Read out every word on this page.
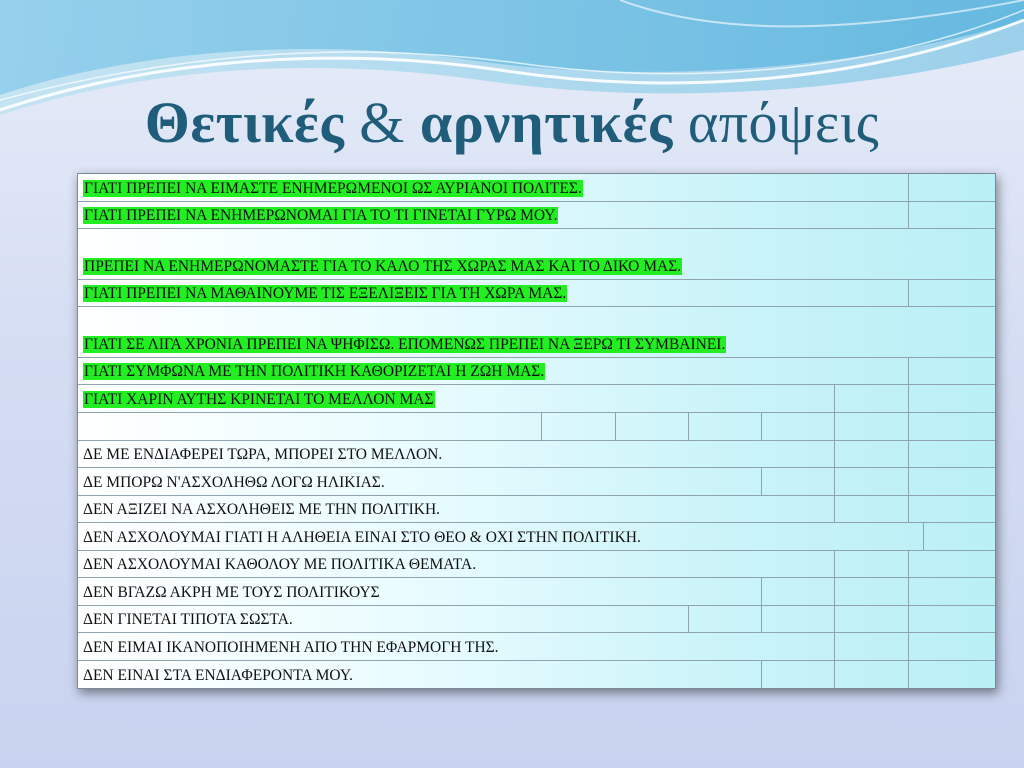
Θετικές & αρνητικές απόψεις
ΓΙΑΤΙ ΠΡΕΠΕΙ ΝΑ ΕΙΜΑΣΤΕ ΕΝΗΜΕΡΩΜΕΝΟΙ ΩΣ ΑΥΡΙΑΝΟΙ ΠΟΛΙΤΕΣ.
ΓΙΑΤΙ ΠΡΕΠΕΙ ΝΑ ΕΝΗΜΕΡΩΝΟΜΑΙ ΓΙΑ ΤΟ ΤΙ ΓΙΝΕΤΑΙ ΓΥΡΩ ΜΟΥ.
ΠΡΕΠΕΙ ΝΑ ΕΝΗΜΕΡΩΝΟΜΑΣΤΕ ΓΙΑ ΤΟ ΚΑΛΟ ΤΗΣ ΧΩΡΑΣ ΜΑΣ ΚΑΙ ΤΟ ΔΙΚΟ ΜΑΣ.
ΓΙΑΤΙ ΠΡΕΠΕΙ ΝΑ ΜΑΘΑΙΝΟΥΜΕ ΤΙΣ ΕΞΕΛΙΞΕΙΣ ΓΙΑ ΤΗ ΧΩΡΑ ΜΑΣ.
ΓΙΑΤΙ ΣΕ ΛΙΓΑ ΧΡΟΝΙΑ ΠΡΕΠΕΙ ΝΑ ΨΗΦΙΣΩ. ΕΠΟΜΕΝΩΣ ΠΡΕΠΕΙ ΝΑ ΞΕΡΩ ΤΙ ΣΥΜΒΑΙΝΕΙ.
ΓΙΑΤΙ ΣΥΜΦΩΝΑ ΜΕ ΤΗΝ ΠΟΛΙΤΙΚΗ ΚΑΘΟΡΙΖΕΤΑΙ Η ΖΩΗ ΜΑΣ.
ΓΙΑΤΙ ΧΑΡΙΝ ΑΥΤΗΣ ΚΡΙΝΕΤΑΙ ΤΟ ΜΕΛΛΟΝ ΜΑΣ
ΔΕ ΜΕ ΕΝΔΙΑΦΕΡΕΙ ΤΩΡΑ, ΜΠΟΡΕΙ ΣΤΟ ΜΕΛΛΟΝ.
ΔΕ ΜΠΟΡΩ Ν'ΑΣΧΟΛΗΘΩ ΛΟΓΩ ΗΛΙΚΙΑΣ.
ΔΕΝ ΑΞΙΖΕΙ ΝΑ ΑΣΧΟΛΗΘΕΙΣ ΜΕ ΤΗΝ ΠΟΛΙΤΙΚΗ.
ΔΕΝ ΑΣΧΟΛΟΥΜΑΙ ΓΙΑΤΙ Η ΑΛΗΘΕΙΑ ΕΙΝΑΙ ΣΤΟ ΘΕΟ & ΟΧΙ ΣΤΗΝ ΠΟΛΙΤΙΚΗ.
ΔΕΝ ΑΣΧΟΛΟΥΜΑΙ ΚΑΘΟΛΟΥ ΜΕ ΠΟΛΙΤΙΚΑ ΘΕΜΑΤΑ.
ΔΕΝ ΒΓΑΖΩ ΑΚΡΗ ΜΕ ΤΟΥΣ ΠΟΛΙΤΙΚΟΥΣ
ΔΕΝ ΓΙΝΕΤΑΙ ΤΙΠΟΤΑ ΣΩΣΤΑ.
ΔΕΝ ΕΙΜΑΙ ΙΚΑΝΟΠΟΙΗΜΕΝΗ ΑΠΟ ΤΗΝ ΕΦΑΡΜΟΓΗ ΤΗΣ.
ΔΕΝ ΕΙΝΑΙ ΣΤΑ ΕΝΔΙΑΦΕΡΟΝΤΑ ΜΟΥ.
